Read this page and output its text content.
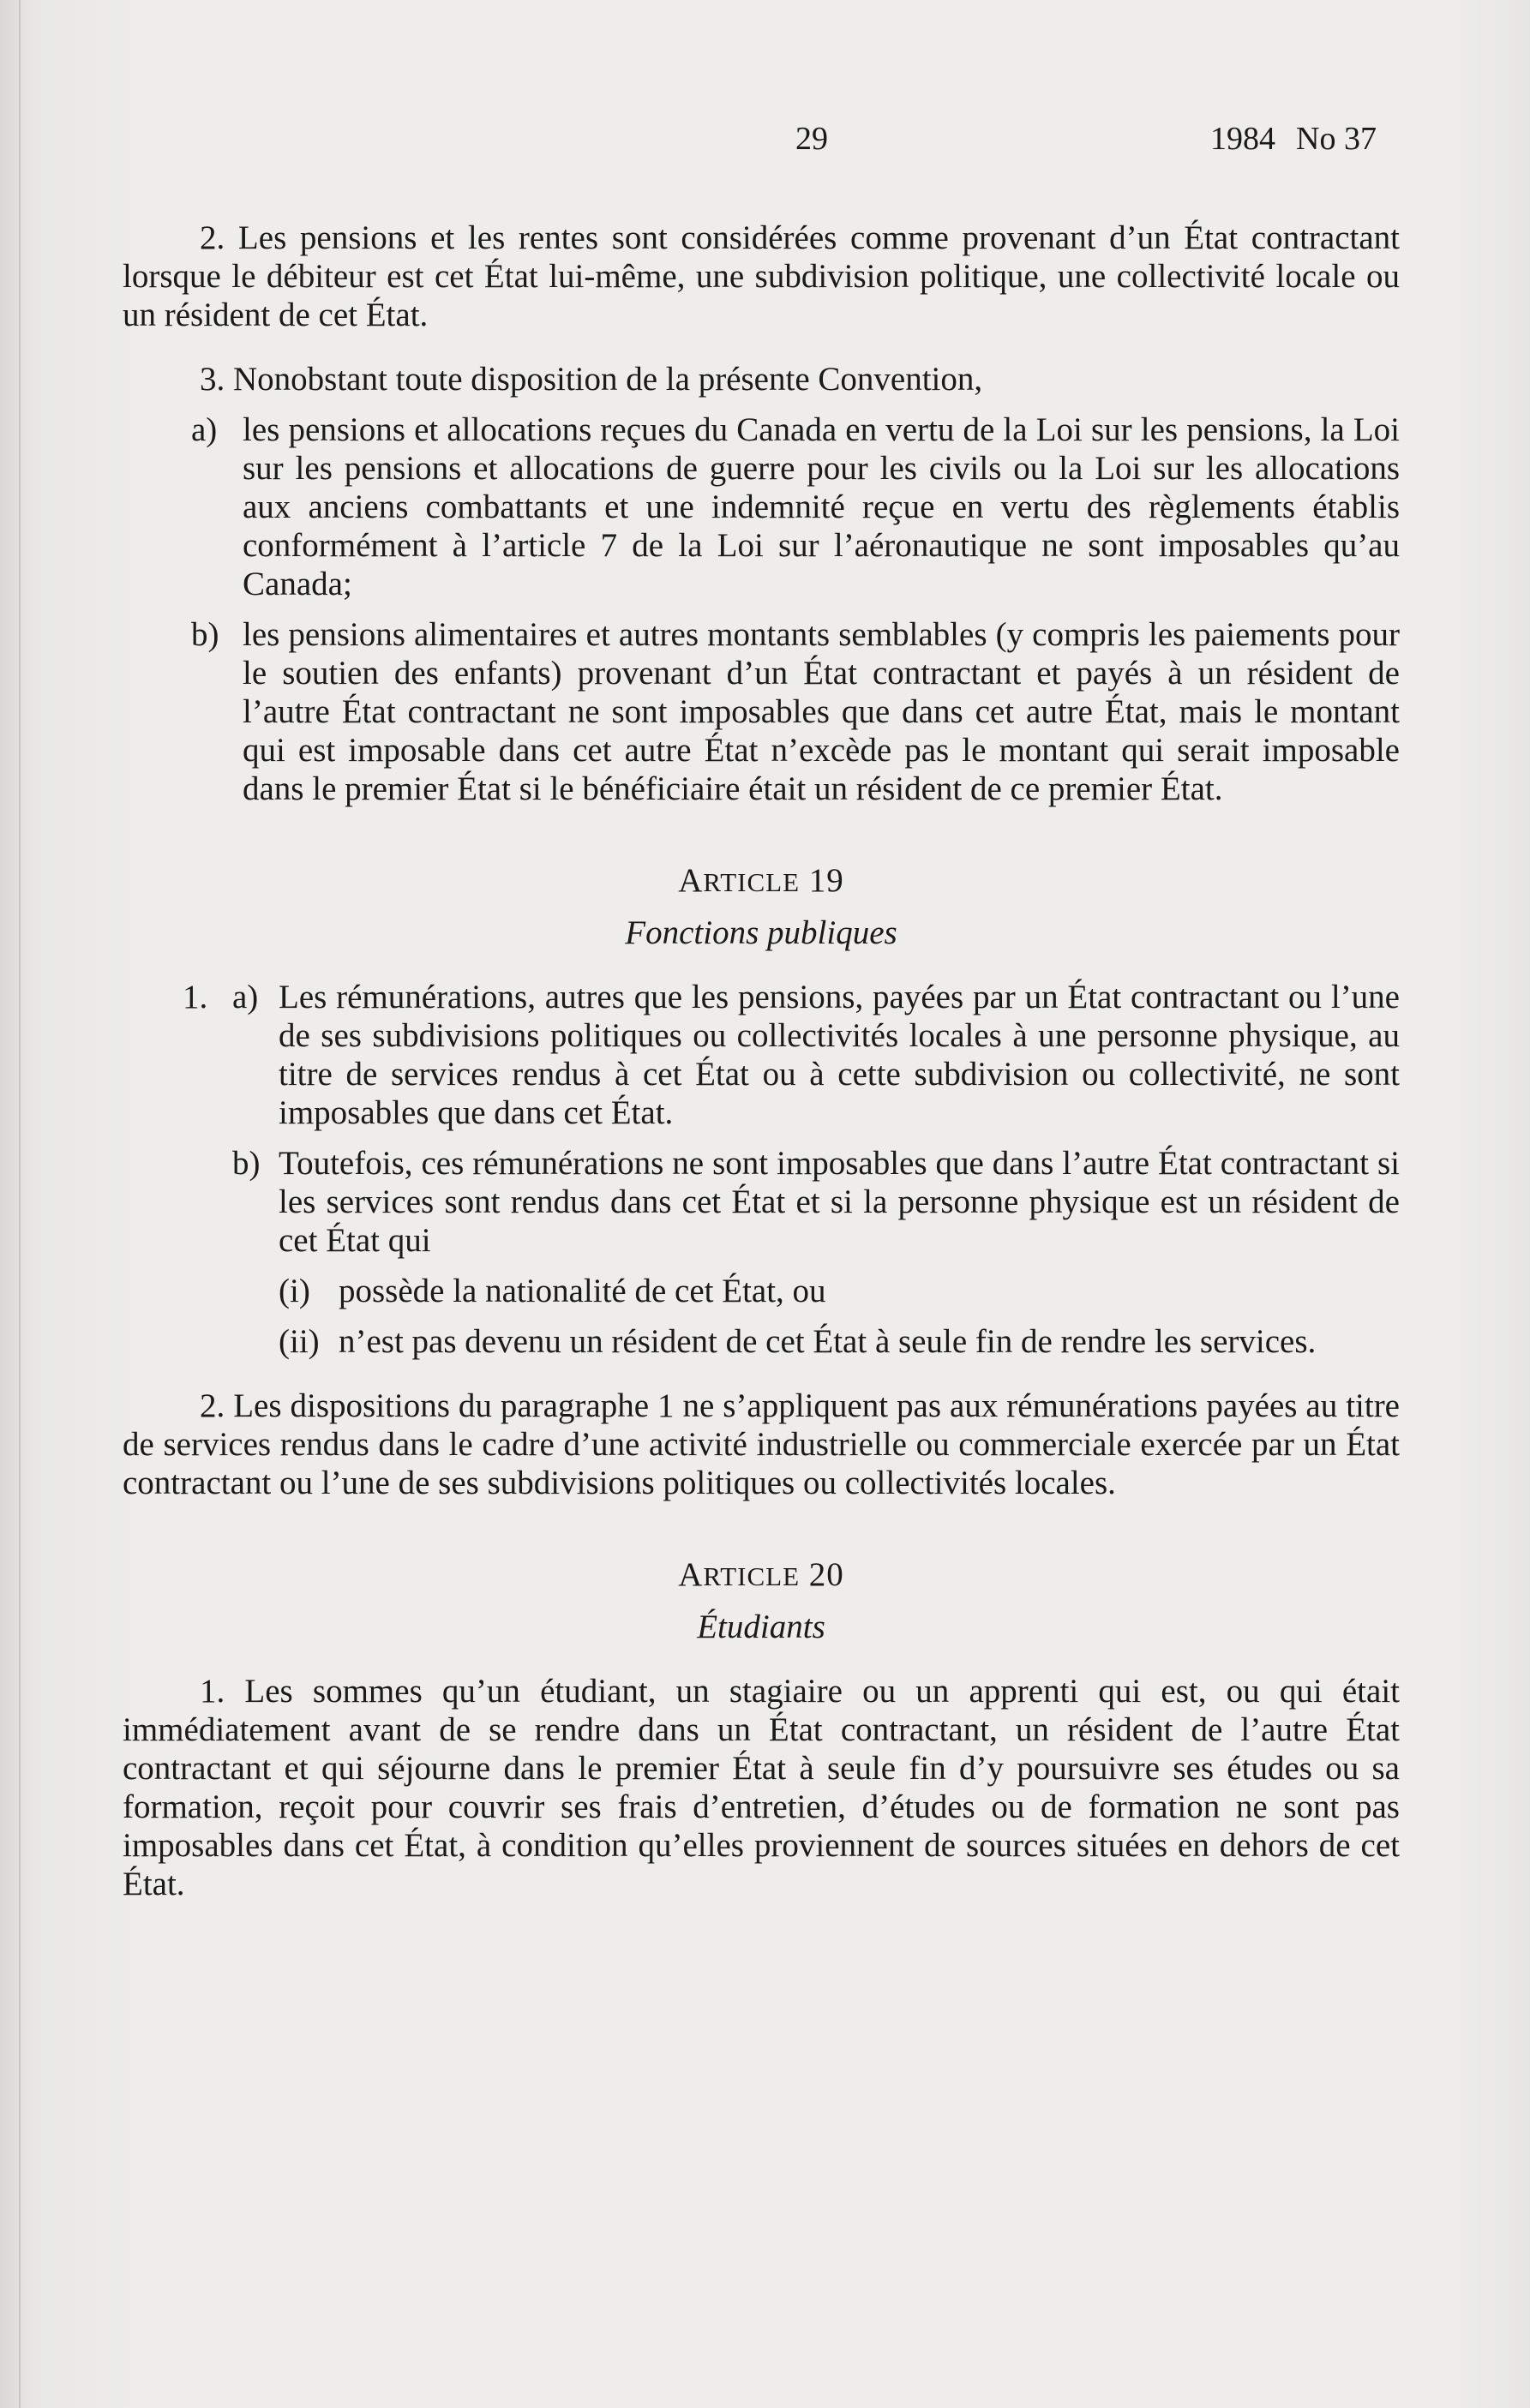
29	1984 No 37

2. Les pensions et les rentes sont considérées comme provenant d’un État contractant lorsque le débiteur est cet État lui-même, une subdivision politique, une collectivité locale ou un résident de cet État.

3. Nonobstant toute disposition de la présente Convention,

a) les pensions et allocations reçues du Canada en vertu de la Loi sur les pensions, la Loi sur les pensions et allocations de guerre pour les civils ou la Loi sur les allocations aux anciens combattants et une indemnité reçue en vertu des règlements établis conformément à l’article 7 de la Loi sur l’aéronautique ne sont imposables qu’au Canada;
b) les pensions alimentaires et autres montants semblables (y compris les paiements pour le soutien des enfants) provenant d’un État contractant et payés à un résident de l’autre État contractant ne sont imposables que dans cet autre État, mais le montant qui est imposable dans cet autre État n’excède pas le montant qui serait imposable dans le premier État si le bénéficiaire était un résident de ce premier État.
ARTICLE 19
Fonctions publiques
1. a) Les rémunérations, autres que les pensions, payées par un État contractant ou l’une de ses subdivisions politiques ou collectivités locales à une personne physique, au titre de services rendus à cet État ou à cette subdivision ou collectivité, ne sont imposables que dans cet État.
b) Toutefois, ces rémunérations ne sont imposables que dans l’autre État contractant si les services sont rendus dans cet État et si la personne physique est un résident de cet État qui
(i) possède la nationalité de cet État, ou
(ii) n’est pas devenu un résident de cet État à seule fin de rendre les services.

2. Les dispositions du paragraphe 1 ne s’appliquent pas aux rémunérations payées au titre de services rendus dans le cadre d’une activité industrielle ou commerciale exercée par un État contractant ou l’une de ses subdivisions politiques ou collectivités locales.

ARTICLE 20
Étudiants

1. Les sommes qu’un étudiant, un stagiaire ou un apprenti qui est, ou qui était immédiatement avant de se rendre dans un État contractant, un résident de l’autre État contractant et qui séjourne dans le premier État à seule fin d’y poursuivre ses études ou sa formation, reçoit pour couvrir ses frais d’entretien, d’études ou de formation ne sont pas imposables dans cet État, à condition qu’elles proviennent de sources situées en dehors de cet État.
